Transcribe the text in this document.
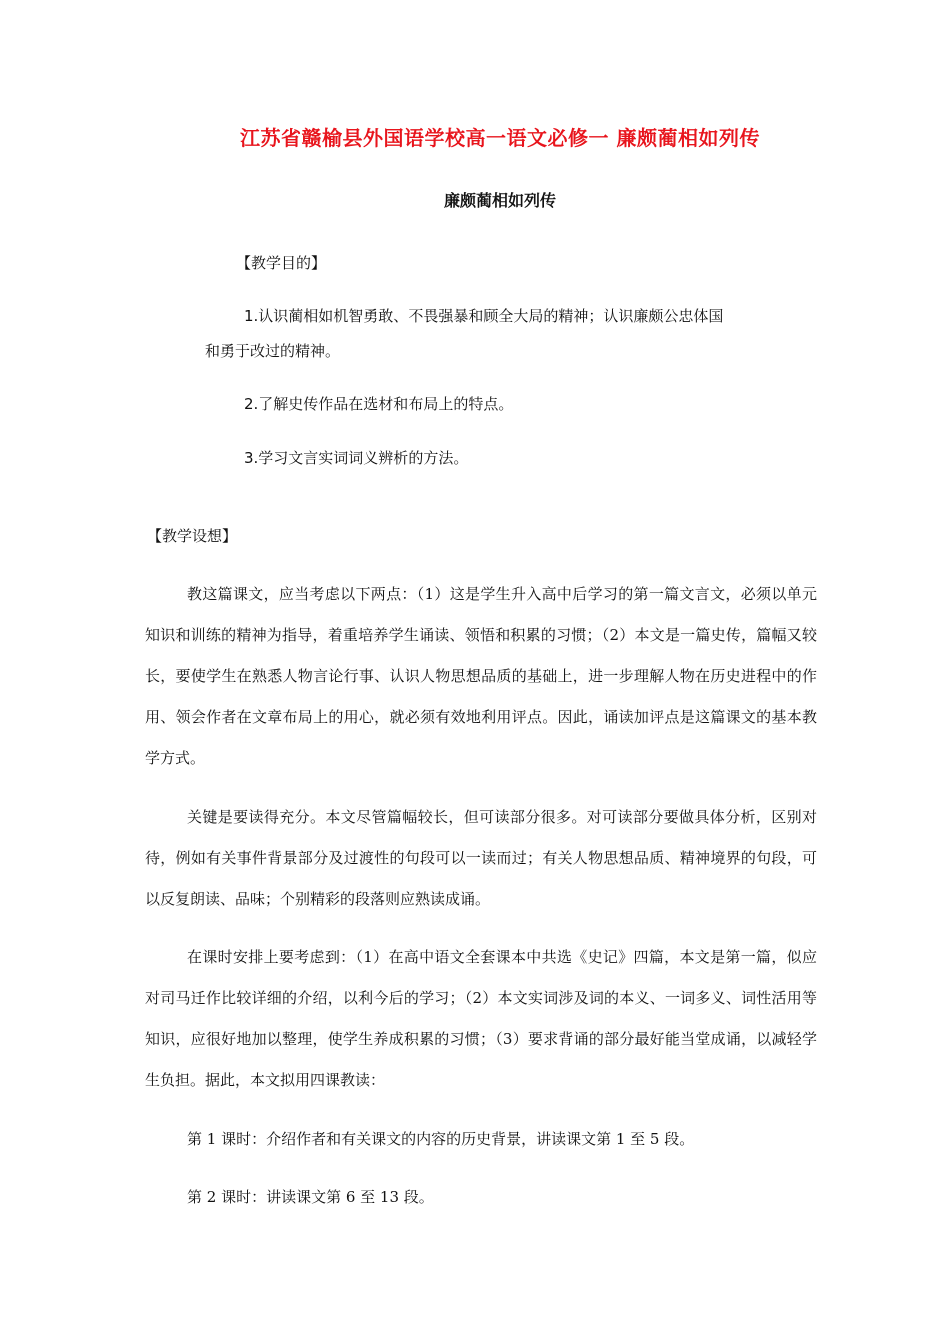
江苏省赣榆县外国语学校高一语文必修一 廉颇蔺相如列传
廉颇蔺相如列传
【教学目的】
1.认识蔺相如机智勇敢、不畏强暴和顾全大局的精神；认识廉颇公忠体国
和勇于改过的精神。
2.了解史传作品在选材和布局上的特点。
3.学习文言实词词义辨析的方法。
【教学设想】
教这篇课文，应当考虑以下两点：（1）这是学生升入高中后学习的第一篇文言文，必须以单元知识和训练的精神为指导，着重培养学生诵读、领悟和积累的习惯；（2）本文是一篇史传，篇幅又较长，要使学生在熟悉人物言论行事、认识人物思想品质的基础上，进一步理解人物在历史进程中的作用、领会作者在文章布局上的用心，就必须有效地利用评点。因此，诵读加评点是这篇课文的基本教学方式。
关键是要读得充分。本文尽管篇幅较长，但可读部分很多。对可读部分要做具体分析，区别对待，例如有关事件背景部分及过渡性的句段可以一读而过；有关人物思想品质、精神境界的句段，可以反复朗读、品味；个别精彩的段落则应熟读成诵。
在课时安排上要考虑到：（1）在高中语文全套课本中共选《史记》四篇，本文是第一篇，似应对司马迁作比较详细的介绍，以利今后的学习；（2）本文实词涉及词的本义、一词多义、词性活用等知识，应很好地加以整理，使学生养成积累的习惯；（3）要求背诵的部分最好能当堂成诵，以减轻学生负担。据此，本文拟用四课教读：
第 1 课时：介绍作者和有关课文的内容的历史背景，讲读课文第 1 至 5 段。
第 2 课时：讲读课文第 6 至 13 段。
